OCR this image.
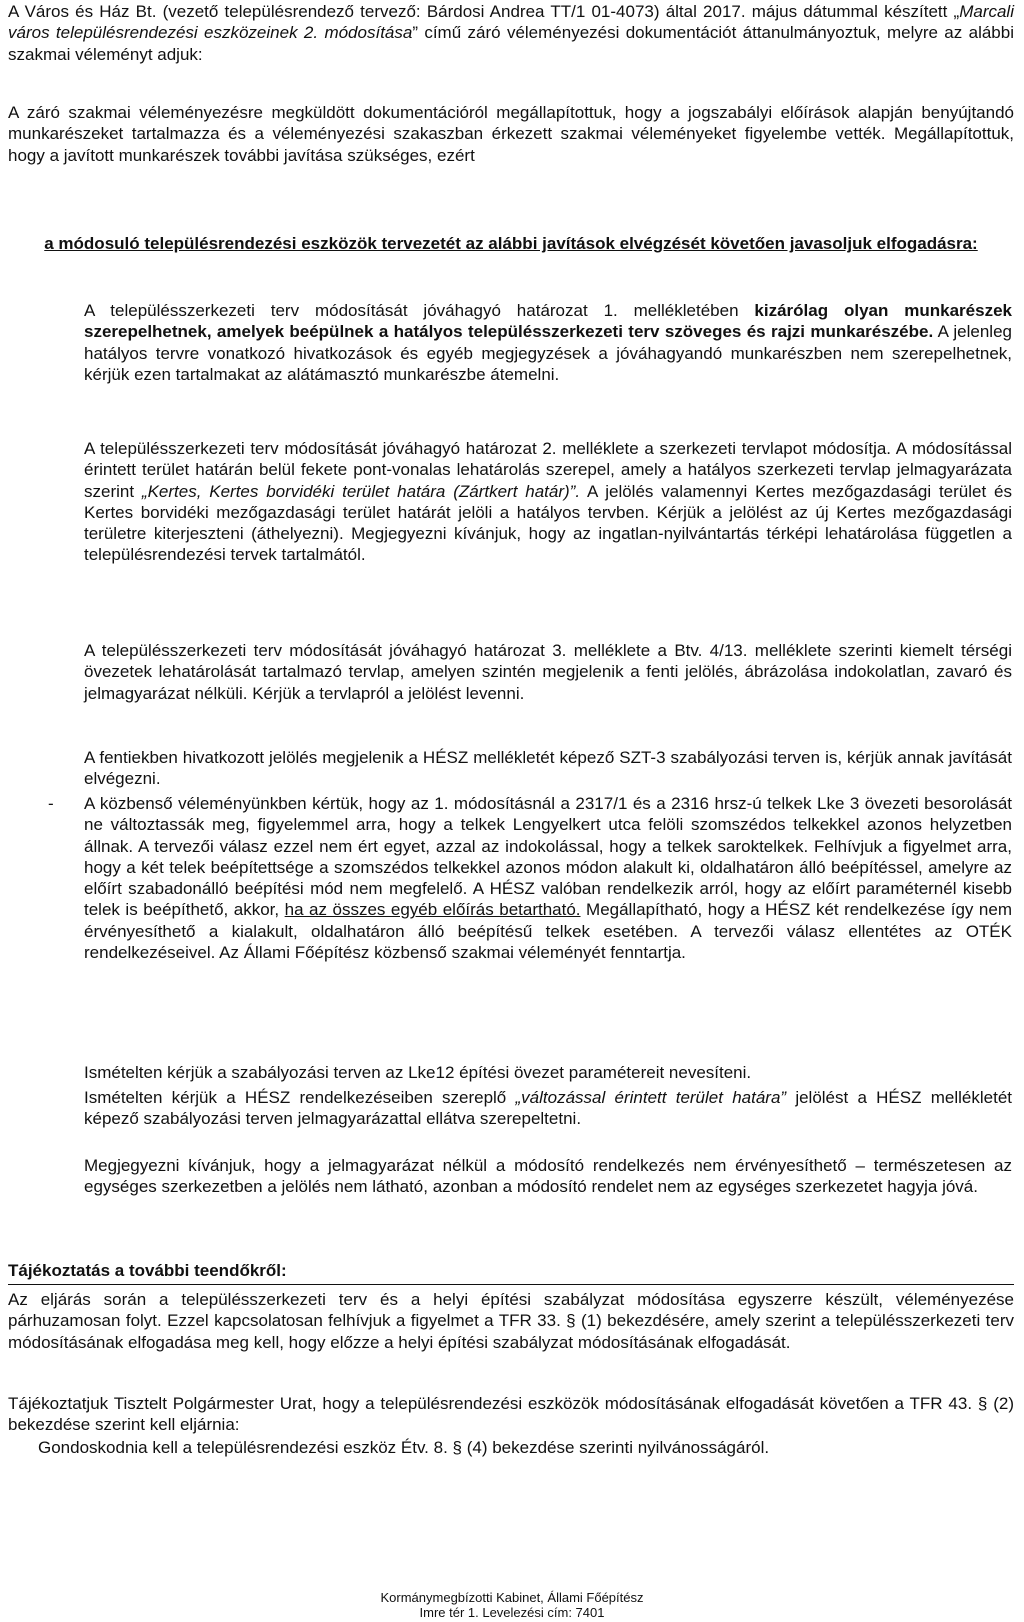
A Város és Ház Bt. (vezető településrendező tervező: Bárdosi Andrea TT/1 01-4073) által 2017. május dátummal készített „Marcali város településrendezési eszközeinek 2. módosítása” című záró véleményezési dokumentációt áttanulmányoztuk, melyre az alábbi szakmai véleményt adjuk:

A záró szakmai véleményezésre megküldött dokumentációról megállapítottuk, hogy a jogszabályi előírások alapján benyújtandó munkarészeket tartalmazza és a véleményezési szakaszban érkezett szakmai véleményeket figyelembe vették. Megállapítottuk, hogy a javított munkarészek további javítása szükséges, ezért

a módosuló településrendezési eszközök tervezetét az alábbi javítások elvégzését követően javasoljuk elfogadásra:

A településszerkezeti terv módosítását jóváhagyó határozat 1. mellékletében kizárólag olyan munkarészek szerepelhetnek, amelyek beépülnek a hatályos településszerkezeti terv szöveges és rajzi munkarészébe. A jelenleg hatályos tervre vonatkozó hivatkozások és egyéb megjegyzések a jóváhagyandó munkarészben nem szerepelhetnek, kérjük ezen tartalmakat az alátámasztó munkarészbe átemelni.

A településszerkezeti terv módosítását jóváhagyó határozat 2. melléklete a szerkezeti tervlapot módosítja. A módosítással érintett terület határán belül fekete pont-vonalas lehatárolás szerepel, amely a hatályos szerkezeti tervlap jelmagyarázata szerint „Kertes, Kertes borvidéki terület határa (Zártkert határ)”. A jelölés valamennyi Kertes mezőgazdasági terület és Kertes borvidéki mezőgazdasági terület határát jelöli a hatályos tervben. Kérjük a jelölést az új Kertes mezőgazdasági területre kiterjeszteni (áthelyezni). Megjegyezni kívánjuk, hogy az ingatlan-nyilvántartás térképi lehatárolása független a településrendezési tervek tartalmától.

A településszerkezeti terv módosítását jóváhagyó határozat 3. melléklete a Btv. 4/13. melléklete szerinti kiemelt térségi övezetek lehatárolását tartalmazó tervlap, amelyen szintén megjelenik a fenti jelölés, ábrázolása indokolatlan, zavaró és jelmagyarázat nélküli. Kérjük a tervlapról a jelölést levenni.

A fentiekben hivatkozott jelölés megjelenik a HÉSZ mellékletét képező SZT-3 szabályozási terven is, kérjük annak javítását elvégezni.

- A közbenső véleményünkben kértük, hogy az 1. módosításnál a 2317/1 és a 2316 hrsz-ú telkek Lke 3 övezeti besorolását ne változtassák meg, figyelemmel arra, hogy a telkek Lengyelkert utca felöli szomszédos telkekkel azonos helyzetben állnak. A tervezői válasz ezzel nem ért egyet, azzal az indokolással, hogy a telkek saroktelkek. Felhívjuk a figyelmet arra, hogy a két telek beépítettsége a szomszédos telkekkel azonos módon alakult ki, oldalhatáron álló beépítéssel, amelyre az előírt szabadonálló beépítési mód nem megfelelő. A HÉSZ valóban rendelkezik arról, hogy az előírt paraméternél kisebb telek is beépíthető, akkor, ha az összes egyéb előírás betartható. Megállapítható, hogy a HÉSZ két rendelkezése így nem érvényesíthető a kialakult, oldalhatáron álló beépítésű telkek esetében. A tervezői válasz ellentétes az OTÉK rendelkezéseivel. Az Állami Főépítész közbenső szakmai véleményét fenntartja.

Ismételten kérjük a szabályozási terven az Lke12 építési övezet paramétereit nevesíteni.

Ismételten kérjük a HÉSZ rendelkezéseiben szereplő „változással érintett terület határa” jelölést a HÉSZ mellékletét képező szabályozási terven jelmagyarázattal ellátva szerepeltetni.

Megjegyezni kívánjuk, hogy a jelmagyarázat nélkül a módosító rendelkezés nem érvényesíthető – természetesen az egységes szerkezetben a jelölés nem látható, azonban a módosító rendelet nem az egységes szerkezetet hagyja jóvá.

Tájékoztatás a további teendőkről:

Az eljárás során a településszerkezeti terv és a helyi építési szabályzat módosítása egyszerre készült, véleményezése párhuzamosan folyt. Ezzel kapcsolatosan felhívjuk a figyelmet a TFR 33. § (1) bekezdésére, amely szerint a településszerkezeti terv módosításának elfogadása meg kell, hogy előzze a helyi építési szabályzat módosításának elfogadását.

Tájékoztatjuk Tisztelt Polgármester Urat, hogy a településrendezési eszközök módosításának elfogadását követően a TFR 43. § (2) bekezdése szerint kell eljárnia:

Gondoskodnia kell a településrendezési eszköz Étv. 8. § (4) bekezdése szerinti nyilvánosságáról.

Kormánymegbízotti Kabinet, Állami Főépítész

Imre tér 1. Levelezési cím: 7401
